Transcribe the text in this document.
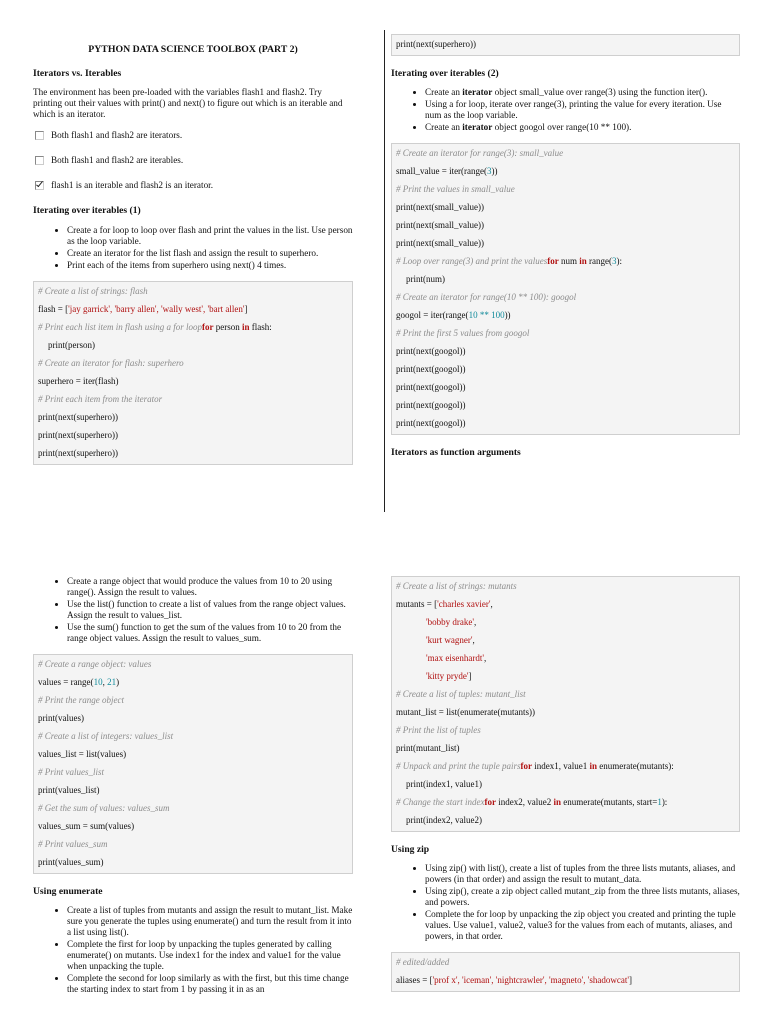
PYTHON DATA SCIENCE TOOLBOX (PART 2)
Iterators vs. Iterables

The environment has been pre-loaded with the variables flash1 and flash2. Try printing out their values with print() and next() to figure out which is an iterable and which is an iterator.

Both flash1 and flash2 are iterators.
Both flash1 and flash2 are iterables.
flash1 is an iterable and flash2 is an iterator.
Iterating over iterables (1)
• Create a for loop to loop over flash and print the values in the list. Use person as the loop variable.
• Create an iterator for the list flash and assign the result to superhero.
• Print each of the items from superhero using next() 4 times.
# Create a list of strings: flash
flash = ['jay garrick', 'barry allen', 'wally west', 'bart allen']
# Print each list item in flash using a for loopfor person in flash:
print(person)
# Create an iterator for flash: superhero
superhero = iter(flash)
# Print each item from the iterator
print(next(superhero))
print(next(superhero))
print(next(superhero))
print(next(superhero))
Iterating over iterables (2)
• Create an iterator object small_value over range(3) using the function iter().
• Using a for loop, iterate over range(3), printing the value for every iteration. Use num as the loop variable.
• Create an iterator object googol over range(10 ** 100).
# Create an iterator for range(3): small_value
small_value = iter(range(3))
# Print the values in small_value
print(next(small_value))
print(next(small_value))
print(next(small_value))
# Loop over range(3) and print the valuesfor num in range(3):
print(num)
# Create an iterator for range(10 ** 100): googol
googol = iter(range(10 ** 100))
# Print the first 5 values from googol
print(next(googol))
print(next(googol))
print(next(googol))
print(next(googol))
print(next(googol))
Iterators as function arguments
• Create a range object that would produce the values from 10 to 20 using range(). Assign the result to values.
• Use the list() function to create a list of values from the range object values. Assign the result to values_list.
• Use the sum() function to get the sum of the values from 10 to 20 from the range object values. Assign the result to values_sum.
# Create a range object: values
values = range(10, 21)
# Print the range object
print(values)
# Create a list of integers: values_list
values_list = list(values)
# Print values_list
print(values_list)
# Get the sum of values: values_sum
values_sum = sum(values)
# Print values_sum
print(values_sum)
Using enumerate
• Create a list of tuples from mutants and assign the result to mutant_list. Make sure you generate the tuples using enumerate() and turn the result from it into a list using list().
• Complete the first for loop by unpacking the tuples generated by calling enumerate() on mutants. Use index1 for the index and value1 for the value when unpacking the tuple.
• Complete the second for loop similarly as with the first, but this time change the starting index to start from 1 by passing it in as an
# Create a list of strings: mutants
mutants = ['charles xavier',
'bobby drake',
'kurt wagner',
'max eisenhardt',
'kitty pryde']
# Create a list of tuples: mutant_list
mutant_list = list(enumerate(mutants))
# Print the list of tuples
print(mutant_list)
# Unpack and print the tuple pairsfor index1, value1 in enumerate(mutants):
print(index1, value1)
# Change the start indexfor index2, value2 in enumerate(mutants, start=1):
print(index2, value2)
Using zip
• Using zip() with list(), create a list of tuples from the three lists mutants, aliases, and powers (in that order) and assign the result to mutant_data.
• Using zip(), create a zip object called mutant_zip from the three lists mutants, aliases, and powers.
• Complete the for loop by unpacking the zip object you created and printing the tuple values. Use value1, value2, value3 for the values from each of mutants, aliases, and powers, in that order.
# edited/added
aliases = ['prof x', 'iceman', 'nightcrawler', 'magneto', 'shadowcat']
